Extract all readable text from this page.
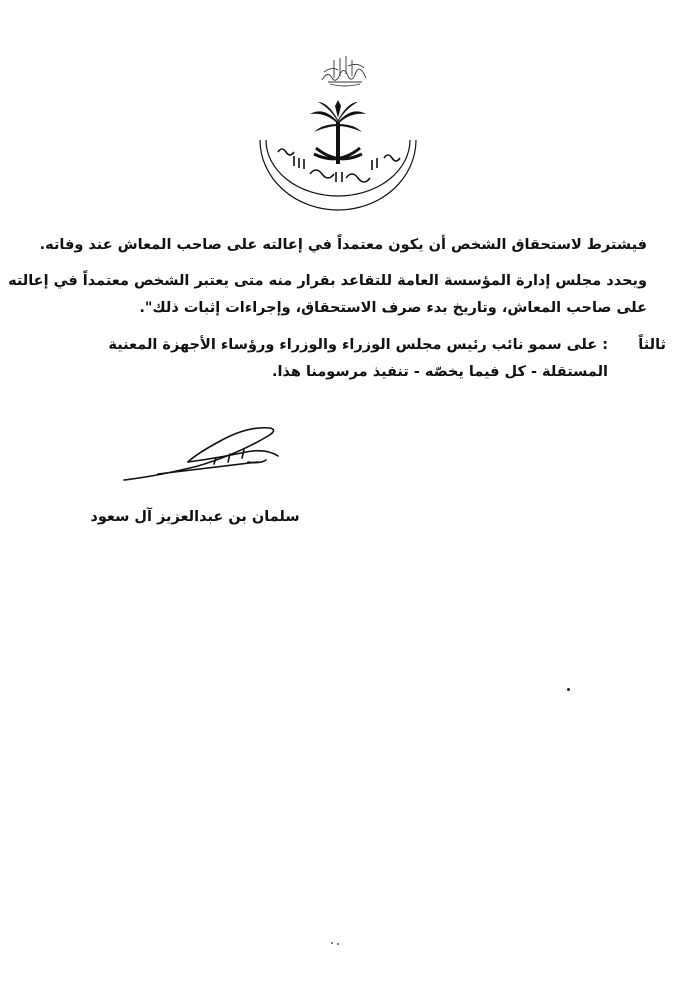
فيشترط لاستحقاق الشخص أن يكون معتمداً في إعالته على صاحب المعاش عند وفاته.
ويحدد مجلس إدارة المؤسسة العامة للتقاعد بقرار منه متى يعتبر الشخص معتمداً في إعالته
على صاحب المعاش، وتاريخ بدء صرف الاستحقاق، وإجراءات إثبات ذلك".
ثالثاً
: على سمو نائب رئيس مجلس الوزراء والوزراء ورؤساء الأجهزة المعنية
المستقلة - كل فيما يخصّه - تنفيذ مرسومنا هذا.
سلمان بن عبدالعزيز آل سعود
